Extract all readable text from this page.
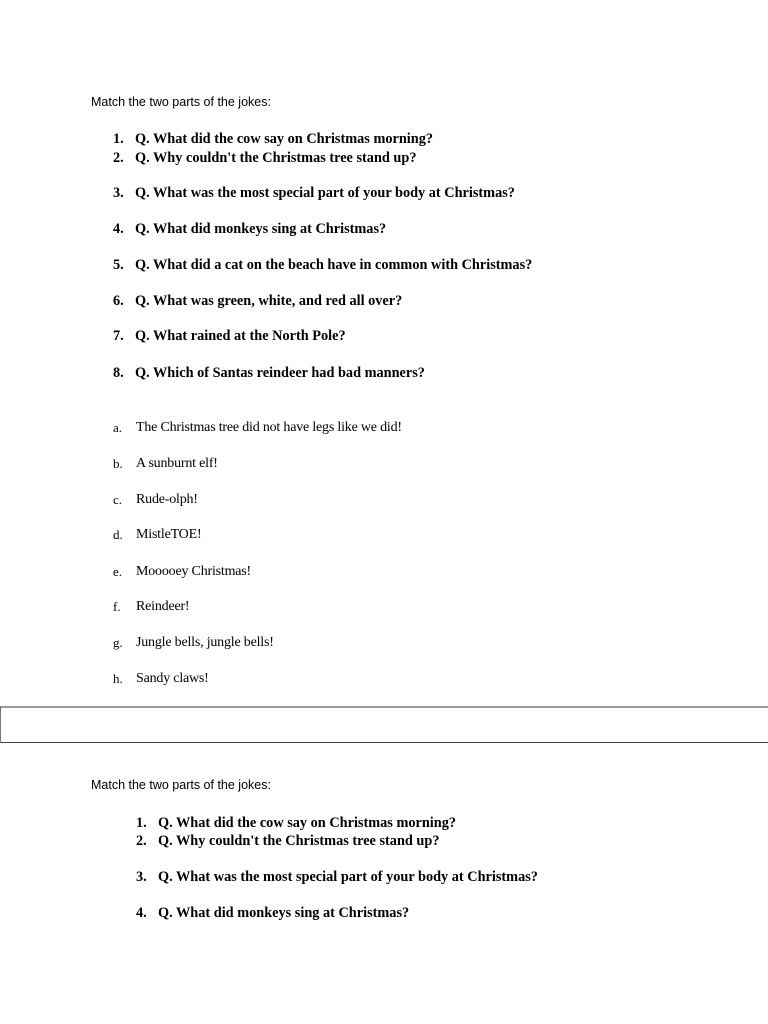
Match the two parts of the jokes:
1. Q. What did the cow say on Christmas morning?
2. Q. Why couldn't the Christmas tree stand up?
3. Q. What was the most special part of your body at Christmas?
4. Q. What did monkeys sing at Christmas?
5. Q. What did a cat on the beach have in common with Christmas?
6. Q. What was green, white, and red all over?
7. Q. What rained at the North Pole?
8. Q. Which of Santas reindeer had bad manners?
a. The Christmas tree did not have legs like we did!
b. A sunburnt elf!
c. Rude-olph!
d. MistleTOE!
e. Mooooey Christmas!
f.	Reindeer!
g. Jungle bells, jungle bells!
h. Sandy claws!
Match the two parts of the jokes:
1. Q. What did the cow say on Christmas morning?
2. Q. Why couldn't the Christmas tree stand up?
3. Q. What was the most special part of your body at Christmas?
4. Q. What did monkeys sing at Christmas?
